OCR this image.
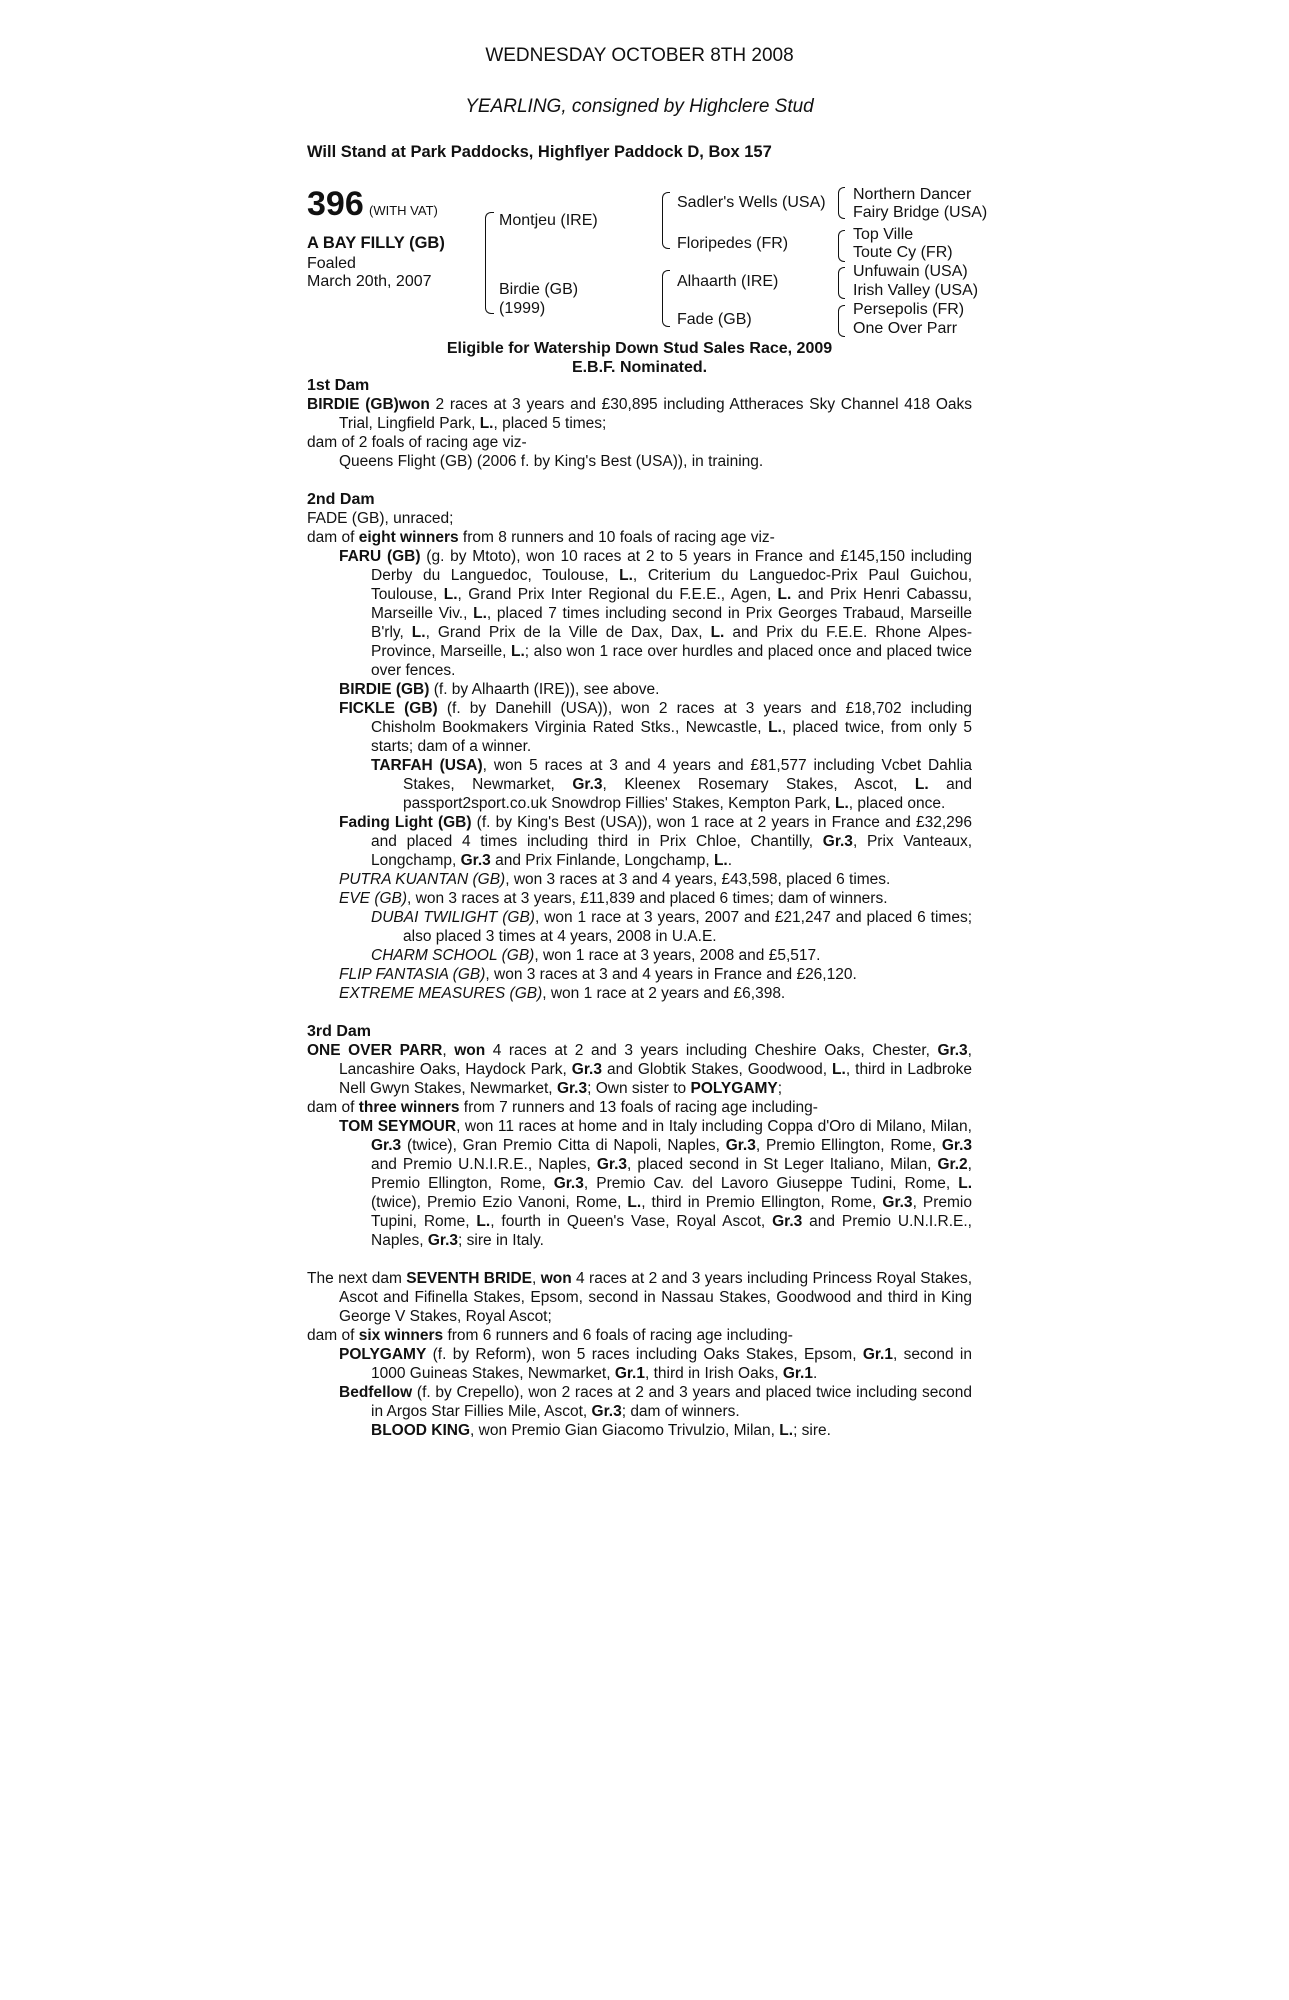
WEDNESDAY OCTOBER 8TH 2008
YEARLING, consigned by Highclere Stud
Will Stand at Park Paddocks, Highflyer Paddock D, Box 157
396 (WITH VAT)
A BAY FILLY (GB)
Foaled
March 20th, 2007
Montjeu (IRE)
Birdie (GB)
(1999)
Sadler's Wells (USA)
Floripedes (FR)
Alhaarth (IRE)
Fade (GB)
Northern Dancer
Fairy Bridge (USA)
Top Ville
Toute Cy (FR)
Unfuwain (USA)
Irish Valley (USA)
Persepolis (FR)
One Over Parr
Eligible for Watership Down Stud Sales Race, 2009
E.B.F. Nominated.

1st Dam

BIRDIE (GB)won 2 races at 3 years and £30,895 including Attheraces Sky Channel 418 Oaks Trial, Lingfield Park, L., placed 5 times;

dam of 2 foals of racing age viz-

Queens Flight (GB) (2006 f. by King's Best (USA)), in training.

2nd Dam

FADE (GB), unraced;

dam of eight winners from 8 runners and 10 foals of racing age viz-

FARU (GB) (g. by Mtoto), won 10 races at 2 to 5 years in France and £145,150 including Derby du Languedoc, Toulouse, L., Criterium du Languedoc-Prix Paul Guichou, Toulouse, L., Grand Prix Inter Regional du F.E.E., Agen, L. and Prix Henri Cabassu, Marseille Viv., L., placed 7 times including second in Prix Georges Trabaud, Marseille B'rly, L., Grand Prix de la Ville de Dax, Dax, L. and Prix du F.E.E. Rhone Alpes-Province, Marseille, L.; also won 1 race over hurdles and placed once and placed twice over fences.

BIRDIE (GB) (f. by Alhaarth (IRE)), see above.

FICKLE (GB) (f. by Danehill (USA)), won 2 races at 3 years and £18,702 including Chisholm Bookmakers Virginia Rated Stks., Newcastle, L., placed twice, from only 5 starts; dam of a winner.

TARFAH (USA), won 5 races at 3 and 4 years and £81,577 including Vcbet Dahlia Stakes, Newmarket, Gr.3, Kleenex Rosemary Stakes, Ascot, L. and passport2sport.co.uk Snowdrop Fillies' Stakes, Kempton Park, L., placed once.

Fading Light (GB) (f. by King's Best (USA)), won 1 race at 2 years in France and £32,296 and placed 4 times including third in Prix Chloe, Chantilly, Gr.3, Prix Vanteaux, Longchamp, Gr.3 and Prix Finlande, Longchamp, L..

PUTRA KUANTAN (GB), won 3 races at 3 and 4 years, £43,598, placed 6 times.

EVE (GB), won 3 races at 3 years, £11,839 and placed 6 times; dam of winners.

DUBAI TWILIGHT (GB), won 1 race at 3 years, 2007 and £21,247 and placed 6 times; also placed 3 times at 4 years, 2008 in U.A.E.

CHARM SCHOOL (GB), won 1 race at 3 years, 2008 and £5,517.

FLIP FANTASIA (GB), won 3 races at 3 and 4 years in France and £26,120.

EXTREME MEASURES (GB), won 1 race at 2 years and £6,398.

3rd Dam

ONE OVER PARR, won 4 races at 2 and 3 years including Cheshire Oaks, Chester, Gr.3, Lancashire Oaks, Haydock Park, Gr.3 and Globtik Stakes, Goodwood, L., third in Ladbroke Nell Gwyn Stakes, Newmarket, Gr.3; Own sister to POLYGAMY;

dam of three winners from 7 runners and 13 foals of racing age including-

TOM SEYMOUR, won 11 races at home and in Italy including Coppa d'Oro di Milano, Milan, Gr.3 (twice), Gran Premio Citta di Napoli, Naples, Gr.3, Premio Ellington, Rome, Gr.3 and Premio U.N.I.R.E., Naples, Gr.3, placed second in St Leger Italiano, Milan, Gr.2, Premio Ellington, Rome, Gr.3, Premio Cav. del Lavoro Giuseppe Tudini, Rome, L. (twice), Premio Ezio Vanoni, Rome, L., third in Premio Ellington, Rome, Gr.3, Premio Tupini, Rome, L., fourth in Queen's Vase, Royal Ascot, Gr.3 and Premio U.N.I.R.E., Naples, Gr.3; sire in Italy.

The next dam SEVENTH BRIDE, won 4 races at 2 and 3 years including Princess Royal Stakes, Ascot and Fifinella Stakes, Epsom, second in Nassau Stakes, Goodwood and third in King George V Stakes, Royal Ascot;

dam of six winners from 6 runners and 6 foals of racing age including-

POLYGAMY (f. by Reform), won 5 races including Oaks Stakes, Epsom, Gr.1, second in 1000 Guineas Stakes, Newmarket, Gr.1, third in Irish Oaks, Gr.1.

Bedfellow (f. by Crepello), won 2 races at 2 and 3 years and placed twice including second in Argos Star Fillies Mile, Ascot, Gr.3; dam of winners.

BLOOD KING, won Premio Gian Giacomo Trivulzio, Milan, L.; sire.
